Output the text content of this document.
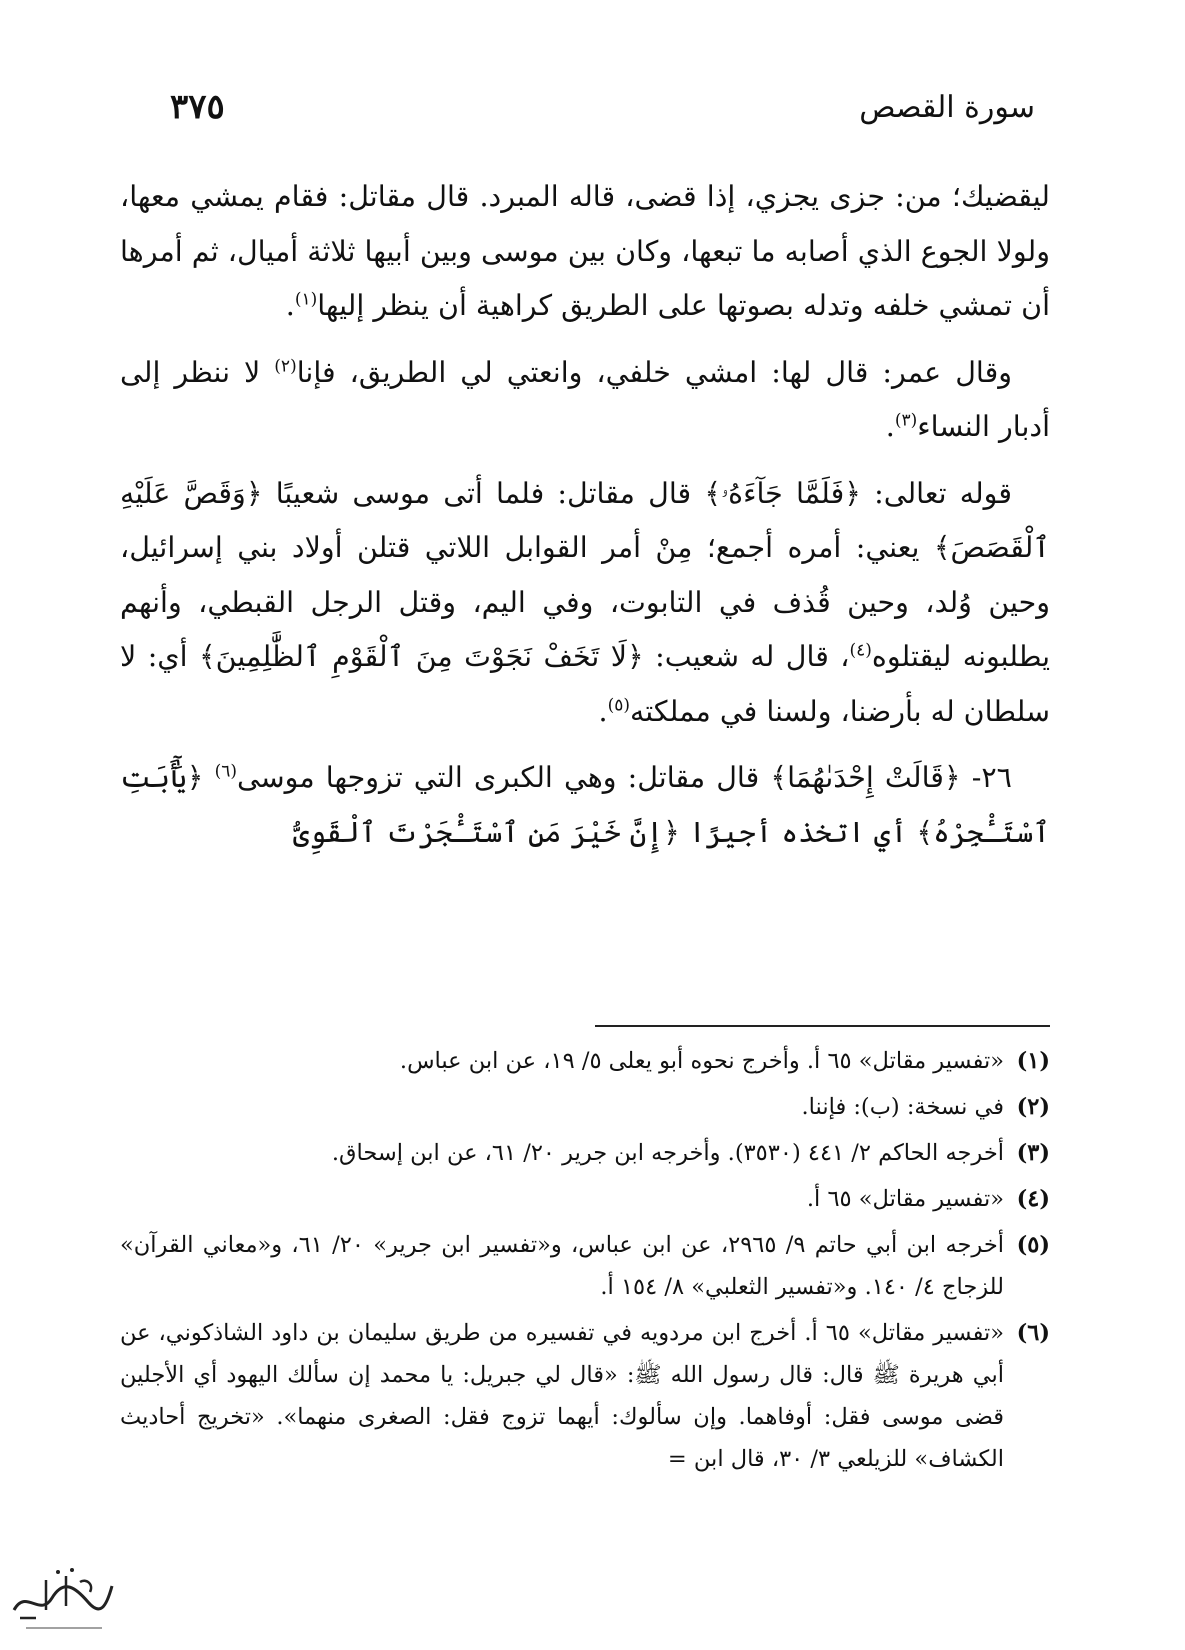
سورة القصص
٣٧٥

ليقضيك؛ من: جزى يجزي، إذا قضى، قاله المبرد. قال مقاتل: فقام يمشي معها، ولولا الجوع الذي أصابه ما تبعها، وكان بين موسى وبين أبيها ثلاثة أميال، ثم أمرها أن تمشي خلفه وتدله بصوتها على الطريق كراهية أن ينظر إليها$^{(١)}$.

وقال عمر: قال لها: امشي خلفي، وانعتي لي الطريق، فإنا$^{(٢)}$ لا ننظر إلى أدبار النساء$^{(٣)}$.

قوله تعالى: ﴿فَلَمَّا جَآءَهُۥ﴾ قال مقاتل: فلما أتى موسى شعيبًا ﴿وَقَصَّ عَلَيْهِ ٱلْقَصَصَ﴾ يعني: أمره أجمع؛ مِنْ أمر القوابل اللاتي قتلن أولاد بني إسرائيل، وحين وُلد، وحين قُذف في التابوت، وفي اليم، وقتل الرجل القبطي، وأنهم يطلبونه ليقتلوه$^{(٤)}$، قال له شعيب: ﴿لَا تَخَفْ نَجَوْتَ مِنَ ٱلْقَوْمِ ٱلظَّٰلِمِينَ﴾ أي: لا سلطان له بأرضنا، ولسنا في مملكته$^{(٥)}$.

٢٦- ﴿قَالَتْ إِحْدَىٰهُمَا﴾ قال مقاتل: وهي الكبرى التي تزوجها موسى$^{(٦)}$ ﴿يَٰٓأَبَتِ ٱسْتَـْٔجِرْهُ﴾ أي اتخذه أجيرًا ﴿إِنَّ خَيْرَ مَنِ ٱسْتَـْٔجَرْتَ ٱلْقَوِىُّ

(١)
«تفسير مقاتل» ٦٥ أ. وأخرج نحوه أبو يعلى ٥/ ١٩، عن ابن عباس.
(٢)
في نسخة: (ب): فإننا.
(٣)
أخرجه الحاكم ٢/ ٤٤١ (٣٥٣٠). وأخرجه ابن جرير ٢٠/ ٦١، عن ابن إسحاق.
(٤)
«تفسير مقاتل» ٦٥ أ.
(٥)
أخرجه ابن أبي حاتم ٩/ ٢٩٦٥، عن ابن عباس، و«تفسير ابن جرير» ٢٠/ ٦١، و«معاني القرآن» للزجاج ٤/ ١٤٠. و«تفسير الثعلبي» ٨/ ١٥٤ أ.
(٦)
«تفسير مقاتل» ٦٥ أ. أخرج ابن مردويه في تفسيره من طريق سليمان بن داود الشاذكوني، عن أبي هريرة ﷺ قال: قال رسول الله ﷺ: «قال لي جبريل: يا محمد إن سألك اليهود أي الأجلين قضى موسى فقل: أوفاهما. وإن سألوك: أيهما تزوج فقل: الصغرى منهما». «تخريج أحاديث الكشاف» للزيلعي ٣/ ٣٠، قال ابن =
